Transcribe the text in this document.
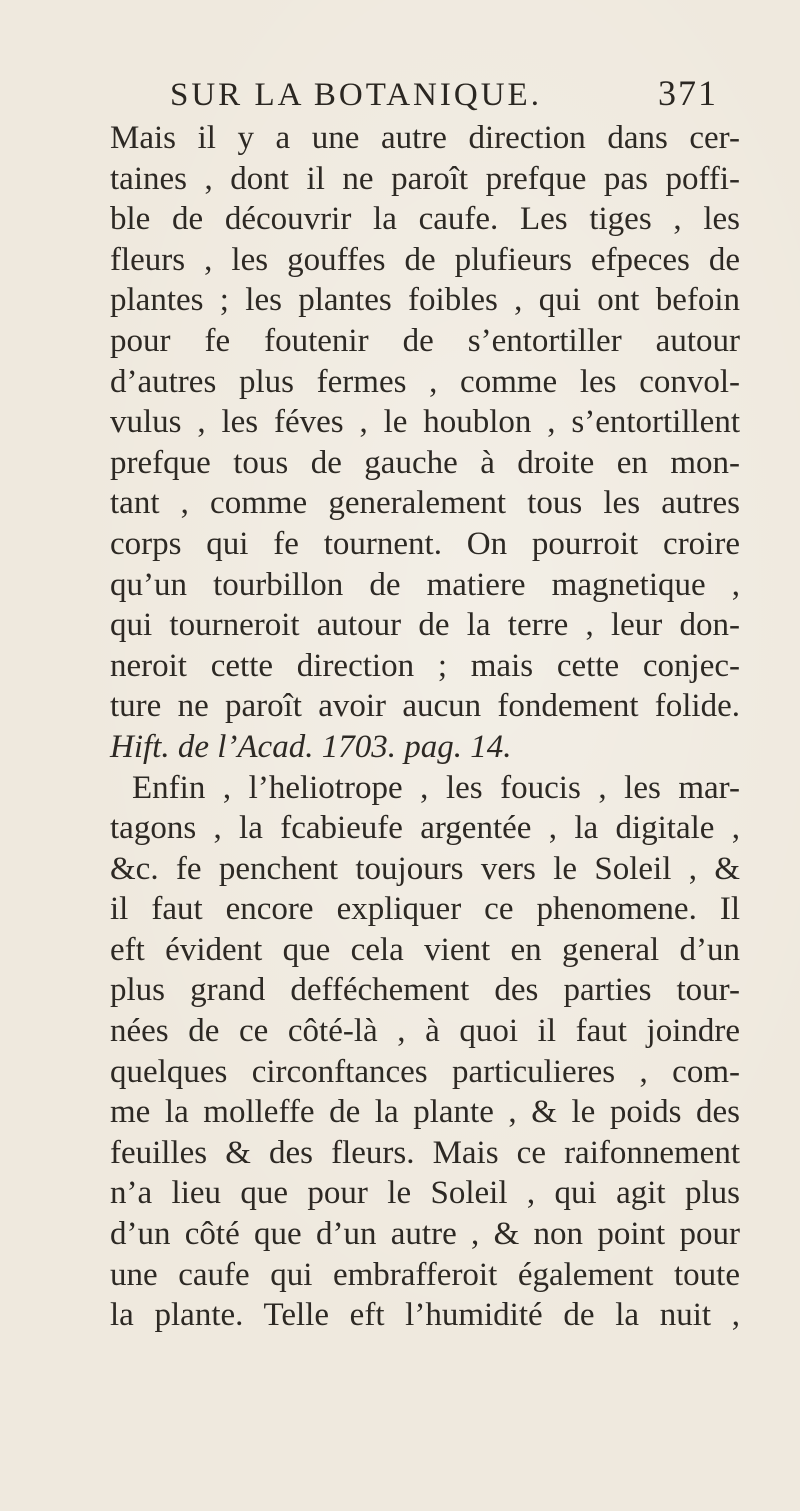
SUR LA BOTANIQUE.	371
Mais il y a une autre direction dans cer-
taines , dont il ne paroît prefque pas poffi-
ble de découvrir la caufe. Les tiges , les
fleurs , les gouffes de plufieurs efpeces de
plantes ; les plantes foibles , qui ont befoin
pour fe foutenir de s’entortiller autour
d’autres plus fermes , comme les convol-
vulus , les féves , le houblon , s’entortillent
prefque tous de gauche à droite en mon-
tant , comme generalement tous les autres
corps qui fe tournent. On pourroit croire
qu’un tourbillon de matiere magnetique ,
qui tourneroit autour de la terre , leur don-
neroit cette direction ; mais cette conjec-
ture ne paroît avoir aucun fondement folide.
Hift. de l’Acad. 1703. pag. 14.
Enfin , l’heliotrope , les foucis , les mar-
tagons , la fcabieufe argentée , la digitale ,
&c. fe penchent toujours vers le Soleil , &
il faut encore expliquer ce phenomene. Il
eft évident que cela vient en general d’un
plus grand defféchement des parties tour-
nées de ce côté-là , à quoi il faut joindre
quelques circonftances particulieres , com-
me la molleffe de la plante , & le poids des
feuilles & des fleurs. Mais ce raifonnement
n’a lieu que pour le Soleil , qui agit plus
d’un côté que d’un autre , & non point pour
une caufe qui embrafferoit également toute
la plante. Telle eft l’humidité de la nuit ,
